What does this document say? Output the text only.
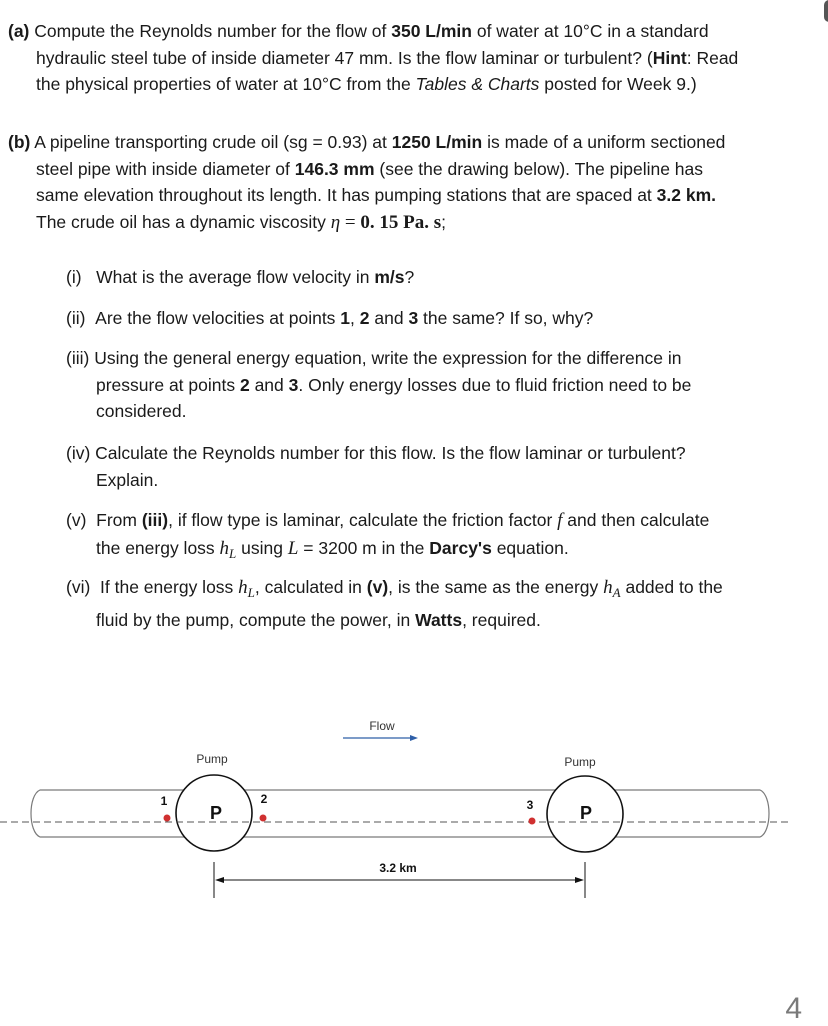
(a) Compute the Reynolds number for the flow of 350 L/min of water at 10°C in a standard
hydraulic steel tube of inside diameter 47 mm. Is the flow laminar or turbulent? (Hint: Read
the physical properties of water at 10°C from the Tables & Charts posted for Week 9.)
(b) A pipeline transporting crude oil (sg = 0.93) at 1250 L/min is made of a uniform sectioned
steel pipe with inside diameter of 146.3 mm (see the drawing below). The pipeline has
same elevation throughout its length. It has pumping stations that are spaced at 3.2 km.
The crude oil has a dynamic viscosity η = 0. 15 Pa. s;
(i) What is the average flow velocity in m/s?
(ii) Are the flow velocities at points 1, 2 and 3 the same? If so, why?
(iii) Using the general energy equation, write the expression for the difference in
pressure at points 2 and 3. Only energy losses due to fluid friction need to be
considered.
(iv) Calculate the Reynolds number for this flow. Is the flow laminar or turbulent?
Explain.
(v) From (iii), if flow type is laminar, calculate the friction factor f and then calculate
the energy loss $h_L$ using L = 3200 m in the Darcy's equation.
(vi) If the energy loss $h_L$, calculated in (v), is the same as the energy $h_A$ added to the
fluid by the pump, compute the power, in Watts, required.
Flow
Pump
P
Pump
P
1	2	3
3.2 km
4
